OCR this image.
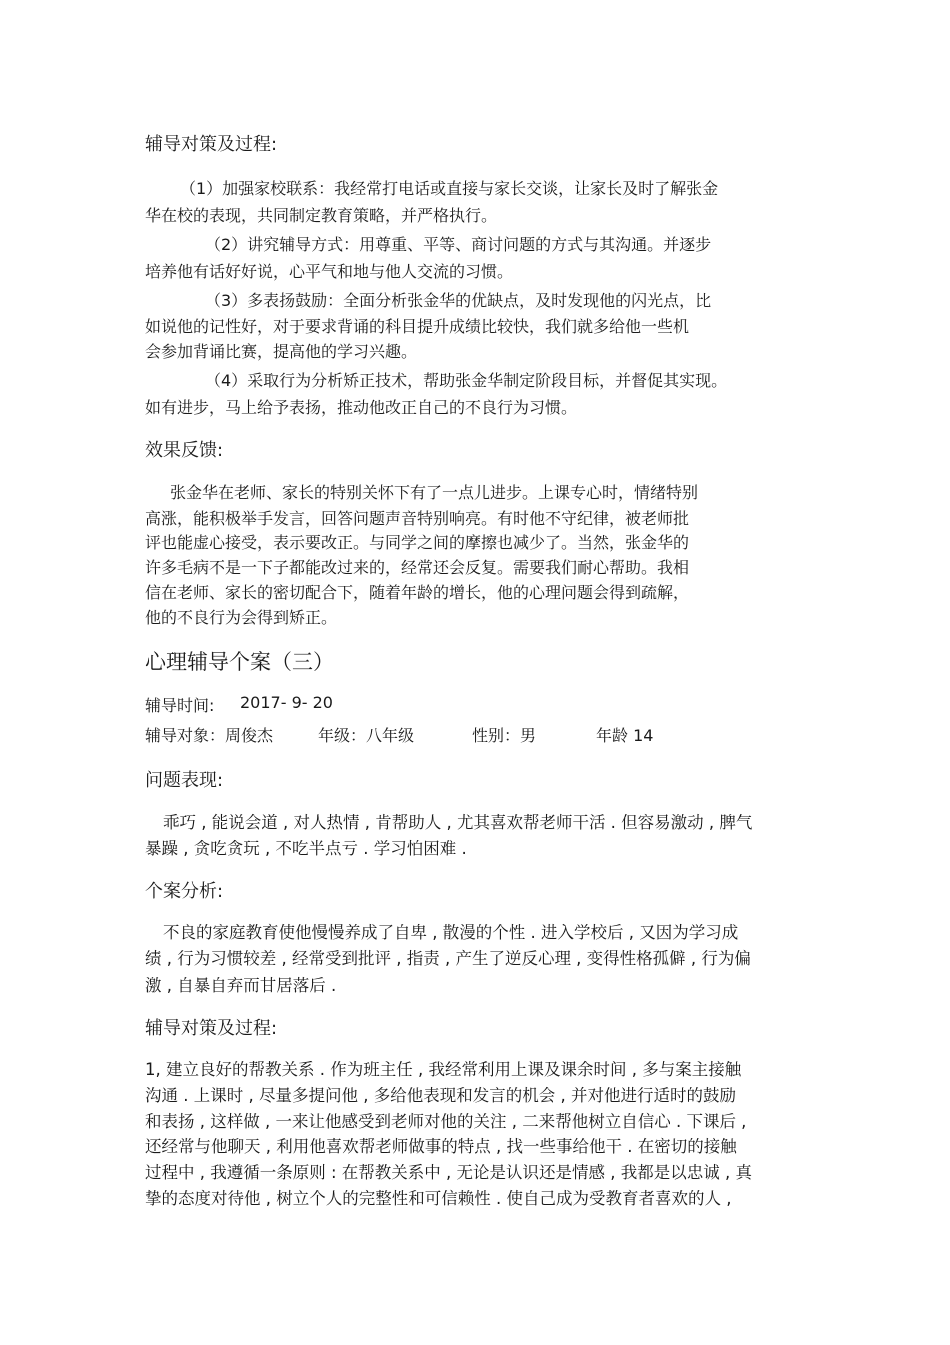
辅导对策及过程:
（1）加强家校联系：我经常打电话或直接与家长交谈，让家长及时了解张金
华在校的表现，共同制定教育策略，并严格执行。
（2）讲究辅导方式：用尊重、平等、商讨问题的方式与其沟通。并逐步
培养他有话好好说，心平气和地与他人交流的习惯。
（3）多表扬鼓励：全面分析张金华的优缺点，及时发现他的闪光点，比
如说他的记性好，对于要求背诵的科目提升成绩比较快，我们就多给他一些机
会参加背诵比赛，提高他的学习兴趣。
（4）采取行为分析矫正技术，帮助张金华制定阶段目标，并督促其实现。
如有进步，马上给予表扬，推动他改正自己的不良行为习惯。
效果反馈:
张金华在老师、家长的特别关怀下有了一点儿进步。上课专心时，情绪特别
高涨，能积极举手发言，回答问题声音特别响亮。有时他不守纪律，被老师批
评也能虚心接受，表示要改正。与同学之间的摩擦也减少了。当然，张金华的
许多毛病不是一下子都能改过来的，经常还会反复。需要我们耐心帮助。我相
信在老师、家长的密切配合下，随着年龄的增长，他的心理问题会得到疏解，
他的不良行为会得到矫正。
心理辅导个案（三）
辅导时间: 2017- 9- 20
辅导对象：周俊杰	年级：八年级	性别：男	年龄 14
问题表现:
乖巧 , 能说会道 , 对人热情 , 肯帮助人 , 尤其喜欢帮老师干活 . 但容易激动 , 脾气
暴躁 , 贪吃贪玩 , 不吃半点亏 . 学习怕困难 .
个案分析:
不良的家庭教育使他慢慢养成了自卑 , 散漫的个性 . 进入学校后 , 又因为学习成
绩 , 行为习惯较差 , 经常受到批评 , 指责 , 产生了逆反心理 , 变得性格孤僻 , 行为偏
激 , 自暴自弃而甘居落后 .
辅导对策及过程:
1, 建立良好的帮教关系 . 作为班主任 , 我经常利用上课及课余时间 , 多与案主接触
沟通 . 上课时 , 尽量多提问他 , 多给他表现和发言的机会 , 并对他进行适时的鼓励
和表扬 , 这样做 , 一来让他感受到老师对他的关注 , 二来帮他树立自信心 . 下课后 ,
还经常与他聊天 , 利用他喜欢帮老师做事的特点 , 找一些事给他干 . 在密切的接触
过程中 , 我遵循一条原则 : 在帮教关系中 , 无论是认识还是情感 , 我都是以忠诚 , 真
挚的态度对待他 , 树立个人的完整性和可信赖性 . 使自己成为受教育者喜欢的人 ,
